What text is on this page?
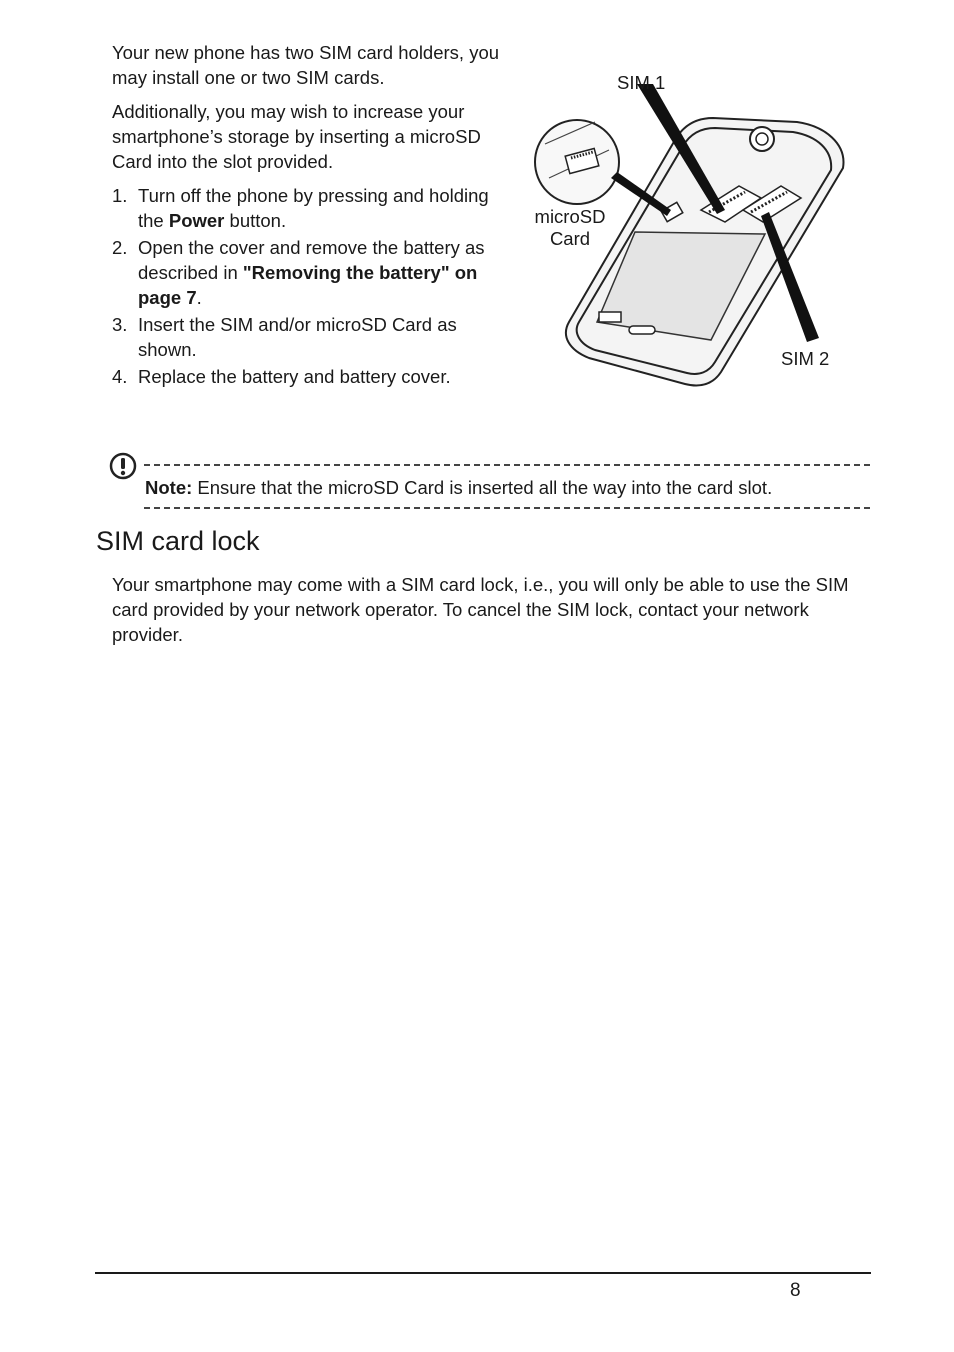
Your new phone has two SIM card holders, you may install one or two SIM cards.

Additionally, you may wish to increase your smartphone’s storage by inserting a microSD Card into the slot provided.

1. Turn off the phone by pressing and holding the Power button.
2. Open the cover and remove the battery as described in "Removing the battery" on page 7.
3. Insert the SIM and/or microSD Card as shown.
4. Replace the battery and battery cover.
SIM 1
microSD
Card
SIM 2
Note: Ensure that the microSD Card is inserted all the way into the card slot.
SIM card lock

Your smartphone may come with a SIM card lock, i.e., you will only be able to use the SIM card provided by your network operator. To cancel the SIM lock, contact your network provider.

8
